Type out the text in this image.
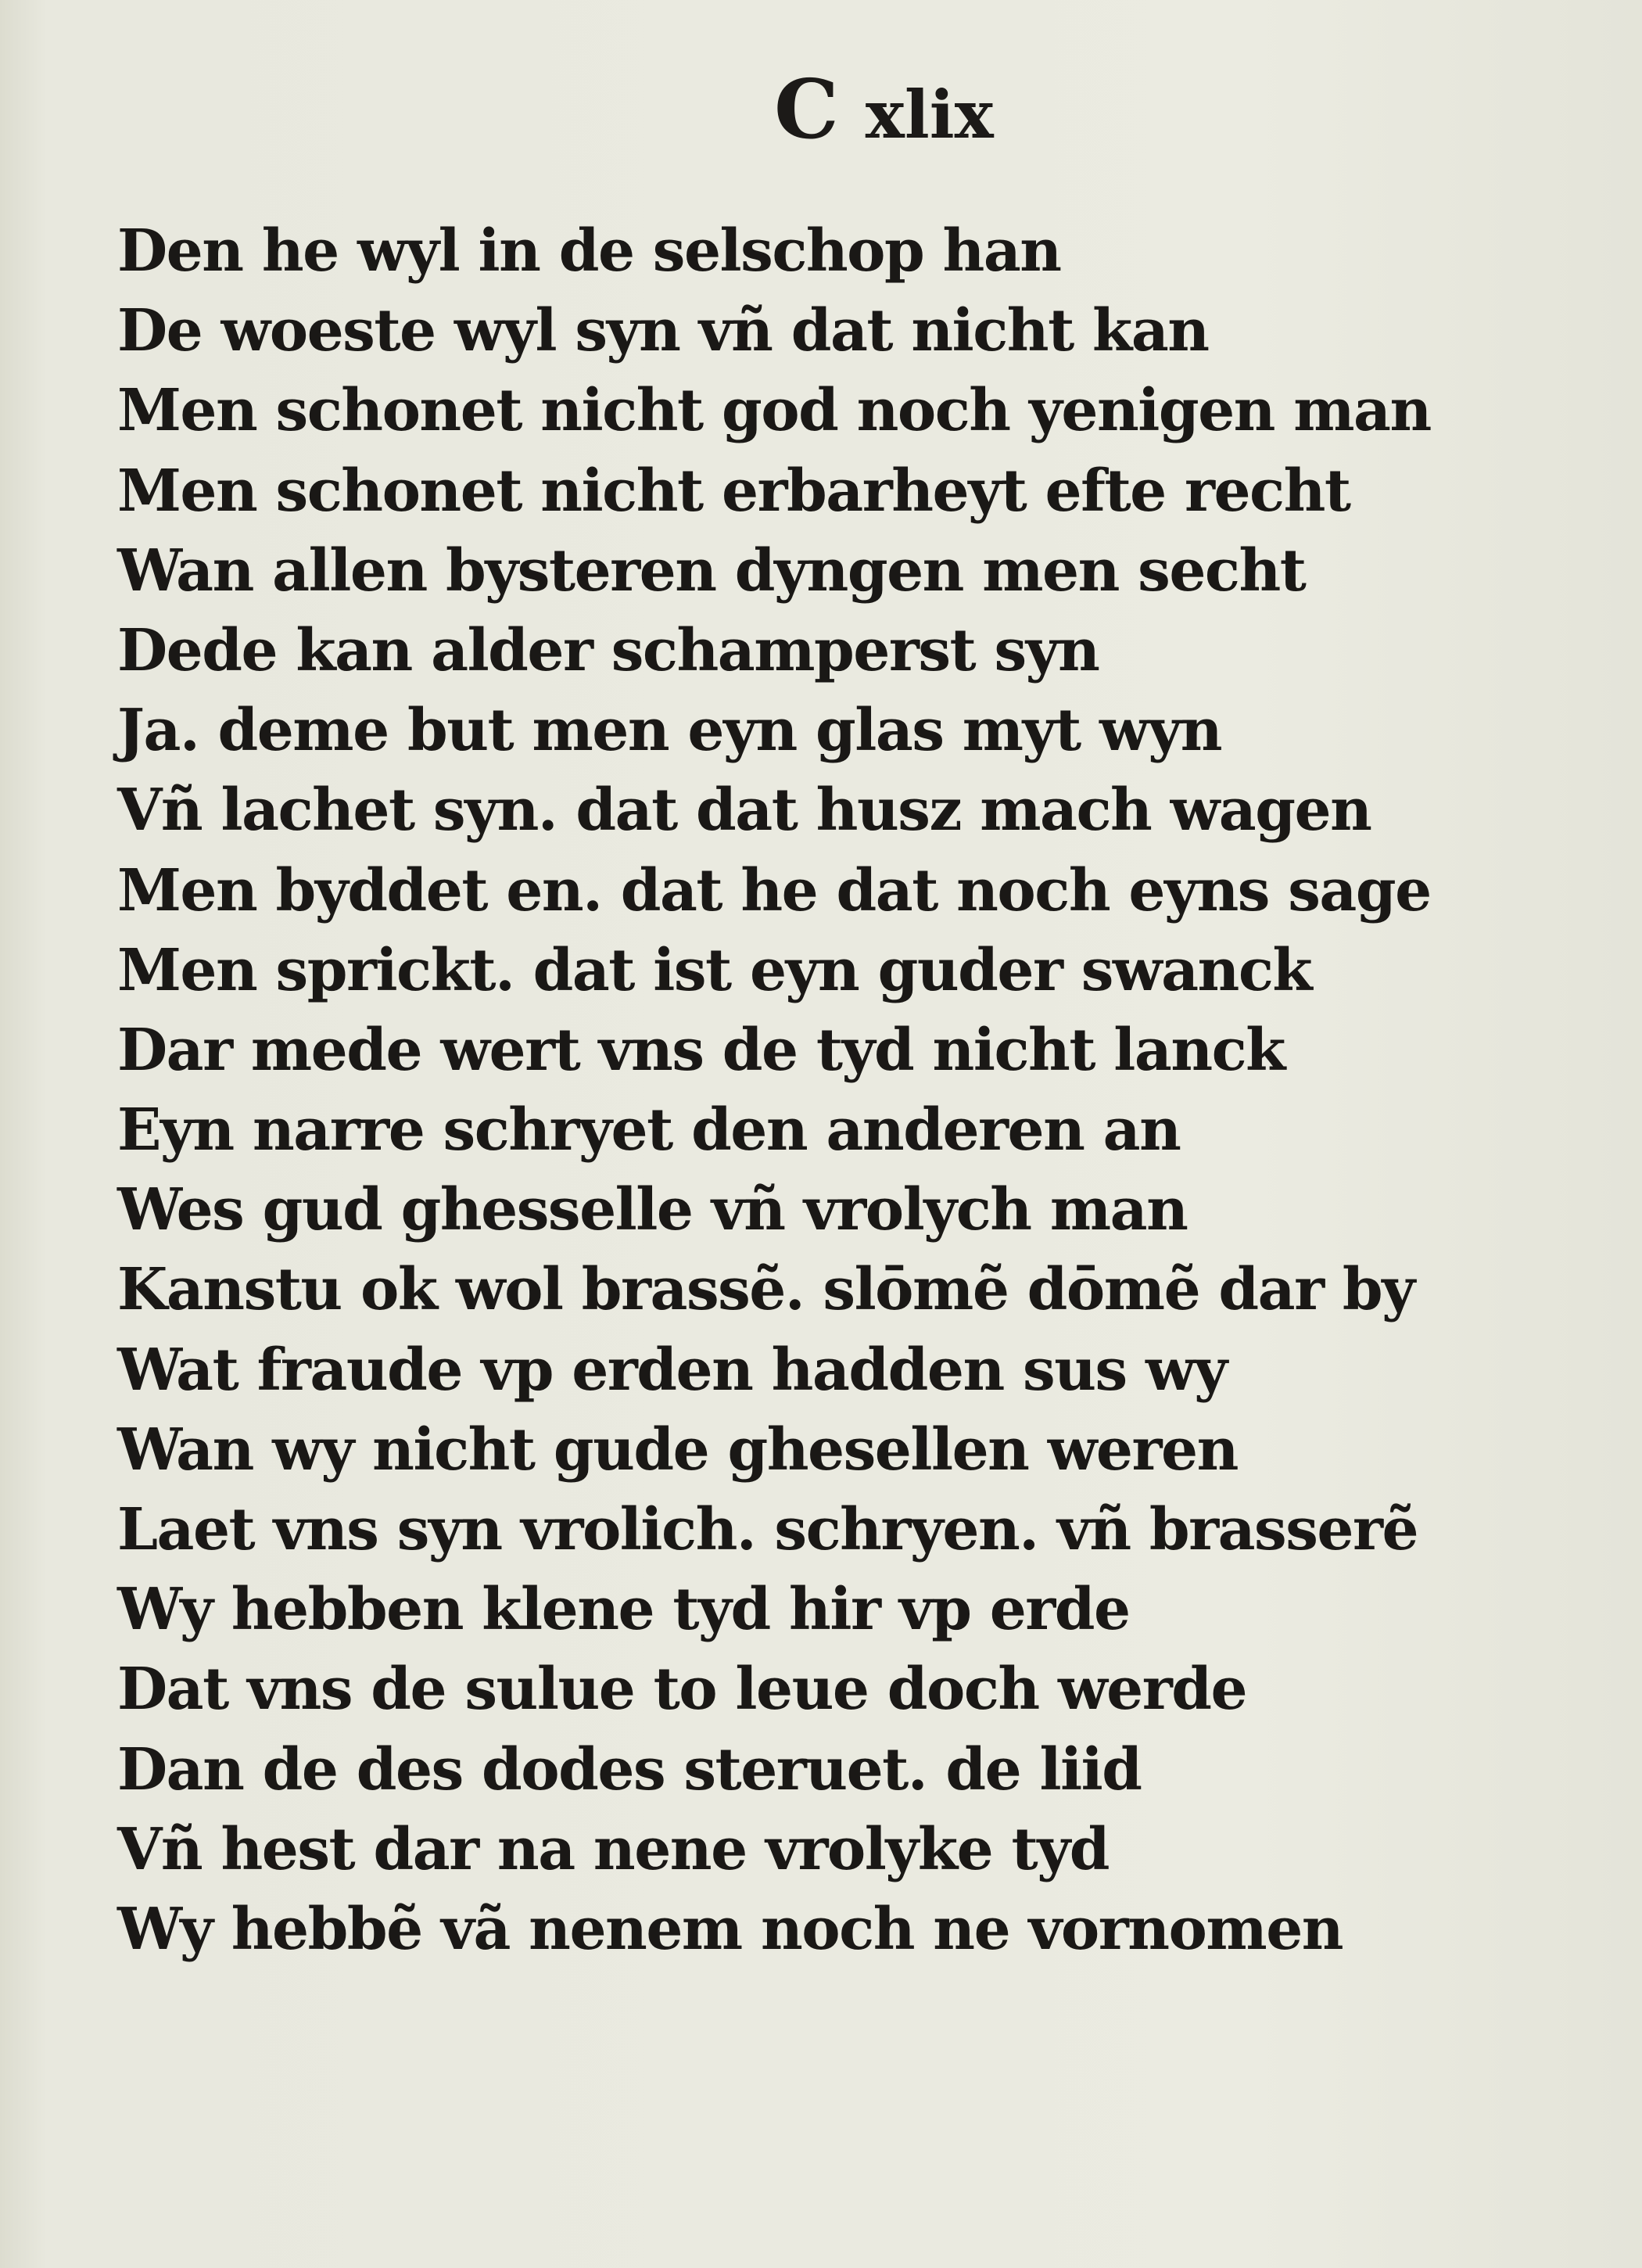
C xlix
Den he wyl in de selschop han
De woeste wyl syn vñ dat nicht kan
Men schonet nicht god noch yenigen man
Men schonet nicht erbarheyt efte recht
Wan allen bysteren dyngen men secht
Dede kan alder schamperst syn
Ja. deme but men eyn glas myt wyn
Vñ lachet syn. dat dat husz mach wagen
Men byddet en. dat he dat noch eyns sage
Men sprickt. dat ist eyn guder swanck
Dar mede wert vns de tyd nicht lanck
Eyn narre schryet den anderen an
Wes gud ghesselle vñ vrolych man
Kanstu ok wol brassẽ. slōmẽ dōmẽ dar by
Wat fraude vp erden hadden sus wy
Wan wy nicht gude ghesellen weren
Laet vns syn vrolich. schryen. vñ brasserẽ
Wy hebben klene tyd hir vp erde
Dat vns de sulue to leue doch werde
Dan de des dodes steruet. de liid
Vñ hest dar na nene vrolyke tyd
Wy hebbẽ vã nenem noch ne vornomen
